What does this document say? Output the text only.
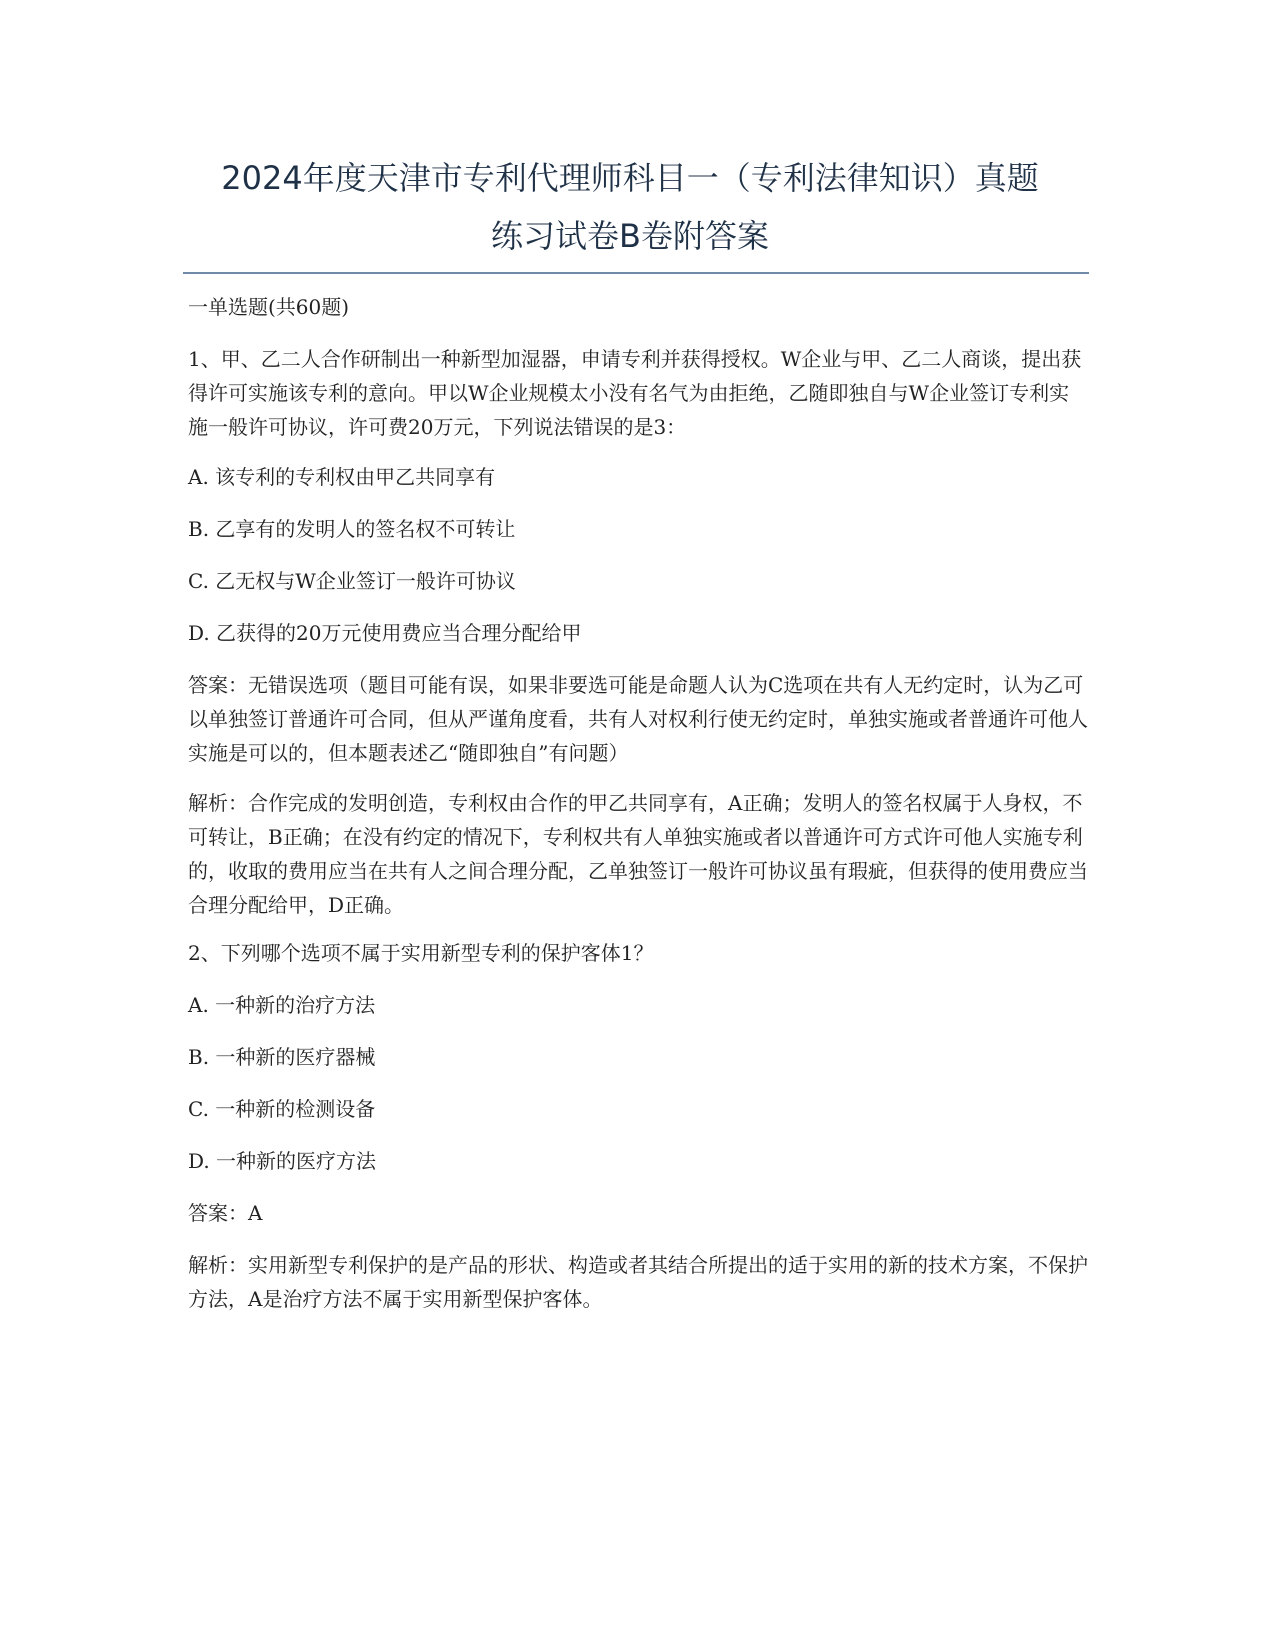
2024年度天津市专利代理师科目一（专利法律知识）真题
练习试卷B卷附答案

一单选题(共60题)

1、甲、乙二人合作研制出一种新型加湿器，申请专利并获得授权。W企业与甲、乙二人商谈，提出获得许可实施该专利的意向。甲以W企业规模太小没有名气为由拒绝，乙随即独自与W企业签订专利实施一般许可协议，许可费20万元，下列说法错误的是3：

A. 该专利的专利权由甲乙共同享有

B. 乙享有的发明人的签名权不可转让

C. 乙无权与W企业签订一般许可协议

D. 乙获得的20万元使用费应当合理分配给甲

答案：无错误选项（题目可能有误，如果非要选可能是命题人认为C选项在共有人无约定时，认为乙可以单独签订普通许可合同，但从严谨角度看，共有人对权利行使无约定时，单独实施或者普通许可他人实施是可以的，但本题表述乙“随即独自”有问题）

解析：合作完成的发明创造，专利权由合作的甲乙共同享有，A正确；发明人的签名权属于人身权，不可转让，B正确；在没有约定的情况下，专利权共有人单独实施或者以普通许可方式许可他人实施专利的，收取的费用应当在共有人之间合理分配，乙单独签订一般许可协议虽有瑕疵，但获得的使用费应当合理分配给甲，D正确。

2、下列哪个选项不属于实用新型专利的保护客体1？

A. 一种新的治疗方法

B. 一种新的医疗器械

C. 一种新的检测设备

D. 一种新的医疗方法

答案：A

解析：实用新型专利保护的是产品的形状、构造或者其结合所提出的适于实用的新的技术方案，不保护方法，A是治疗方法不属于实用新型保护客体。
